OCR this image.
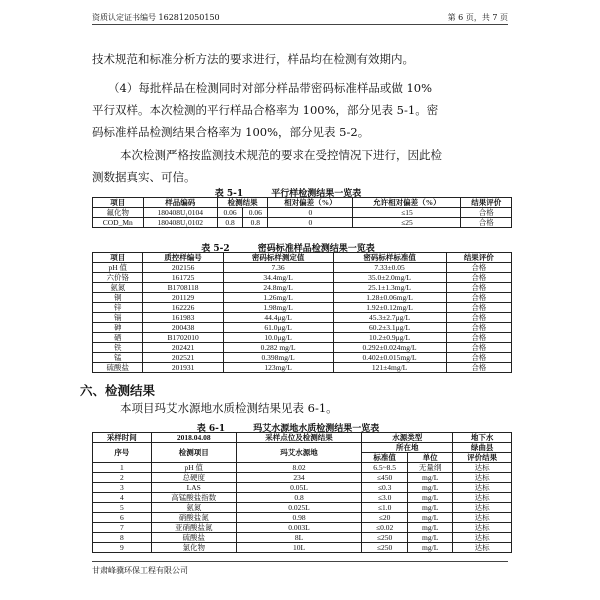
资质认定证书编号 162812050150	第 6 页，共 7 页
技术规范和标准分析方法的要求进行，样品均在检测有效期内。
（4）每批样品在检测同时对部分样品带密码标准样品或做 10%
平行双样。本次检测的平行样品合格率为 100%，部分见表 5-1。密
码标准样品检测结果合格率为 100%，部分见表 5-2。
本次检测严格按监测技术规范的要求在受控情况下进行，因此检
测数据真实、可信。
表 5-1	平行样检测结果一览表
项目	样品编码	检测结果		相对偏差（%）	允许相对偏差（%）	结果评价
氟化物	180408U₁0104	0.06	0.06	0	≤15	合格
COD_Mn	180408U₁0102	0.8	0.8	0	≤25	合格
表 5-2	密码标准样品检测结果一览表
项目	质控样编号	密码标样测定值	密码标样标准值	结果评价
pH 值	202156	7.36	7.33±0.05	合格
六价铬	161725	34.4mg/L	35.0±2.0mg/L	合格
氨氮	B1708118	24.8mg/L	25.1±1.3mg/L	合格
铜	201129	1.26mg/L	1.28±0.06mg/L	合格
锌	162226	1.98mg/L	1.92±0.12mg/L	合格
镉	161983	44.4μg/L	45.3±2.7μg/L	合格
砷	200438	61.0μg/L	60.2±3.1μg/L	合格
硒	B1702010	10.0μg/L	10.2±0.9μg/L	合格
铁	202421	0.282 mg/L	0.292±0.024mg/L	合格
锰	202521	0.398mg/L	0.402±0.015mg/L	合格
硫酸盐	201931	123mg/L	121±4mg/L	合格
六、检测结果
本项目玛艾水源地水质检测结果见表 6-1。
表 6-1	玛艾水源地水质检测结果一览表
采样时间	2018.04.08	采样点位及检测结果	水源类型		地下水
序号	检测项目	玛艾水源地	所在地		绿曲县
			标准值	单位	评价结果
1	pH 值	8.02	6.5~8.5	无量纲	达标
2	总硬度	234	≤450	mg/L	达标
3	LAS	0.05L	≤0.3	mg/L	达标
4	高锰酸盐指数	0.8	≤3.0	mg/L	达标
5	氨氮	0.025L	≤1.0	mg/L	达标
6	硝酸盐氮	0.98	≤20	mg/L	达标
7	亚硝酸盐氮	0.003L	≤0.02	mg/L	达标
8	硫酸盐	8L	≤250	mg/L	达标
9	氯化物	10L	≤250	mg/L	达标
甘肃峰骥环保工程有限公司
